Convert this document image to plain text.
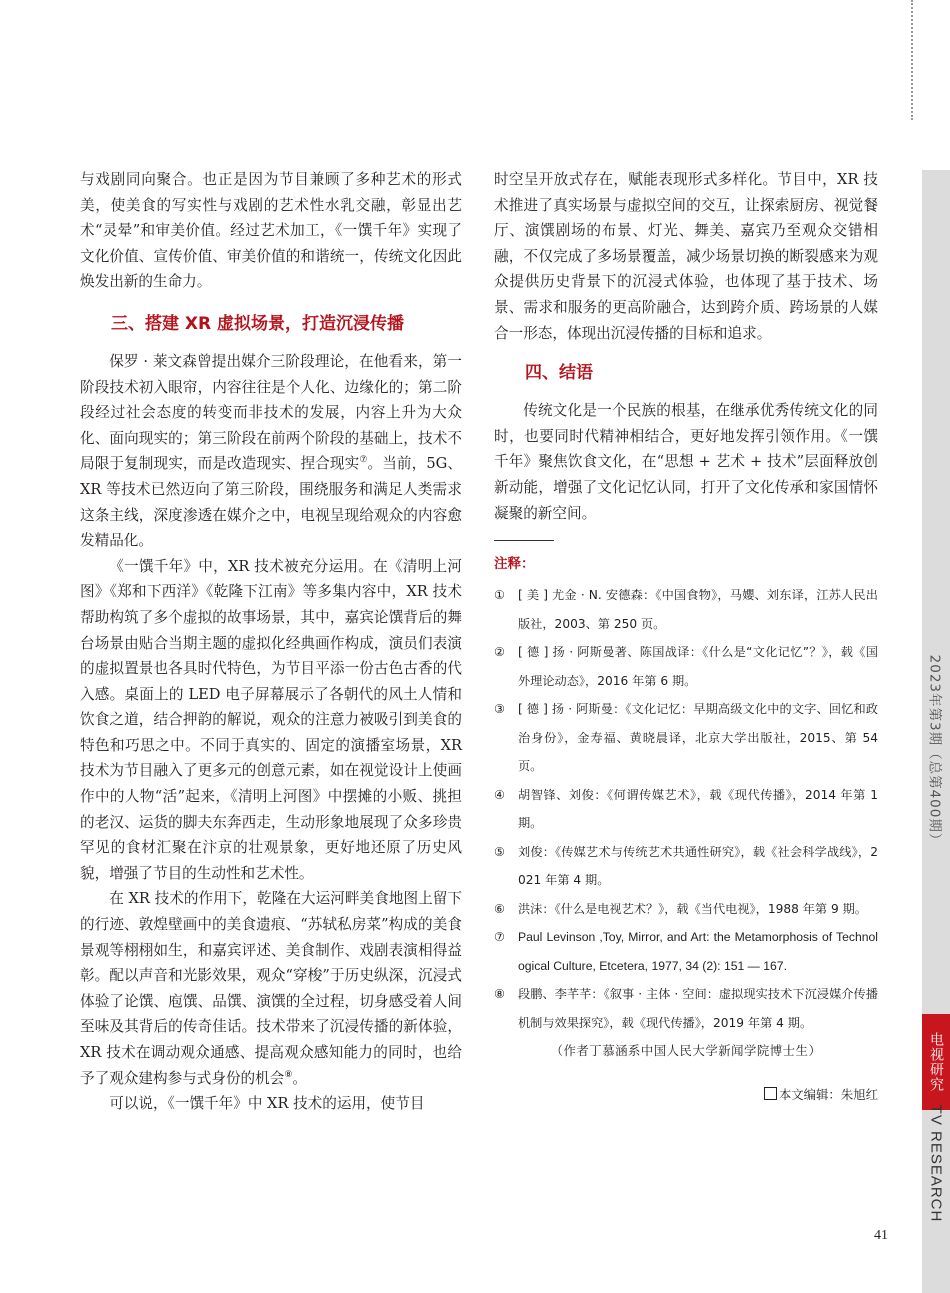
2023年第3期（总第400期）
电视研究
TV RESEARCH

与戏剧同向聚合。也正是因为节目兼顾了多种艺术的形式美，使美食的写实性与戏剧的艺术性水乳交融，彰显出艺术“灵晕”和审美价值。经过艺术加工，《一馔千年》实现了文化价值、宣传价值、审美价值的和谐统一，传统文化因此焕发出新的生命力。

三、搭建 XR 虚拟场景，打造沉浸传播

保罗 · 莱文森曾提出媒介三阶段理论，在他看来，第一阶段技术初入眼帘，内容往往是个人化、边缘化的；第二阶段经过社会态度的转变而非技术的发展，内容上升为大众化、面向现实的；第三阶段在前两个阶段的基础上，技术不局限于复制现实，而是改造现实、捏合现实⑦。当前，5G、XR 等技术已然迈向了第三阶段，围绕服务和满足人类需求这条主线，深度渗透在媒介之中，电视呈现给观众的内容愈发精品化。

《一馔千年》中，XR 技术被充分运用。在《清明上河图》《郑和下西洋》《乾隆下江南》等多集内容中，XR 技术帮助构筑了多个虚拟的故事场景，其中，嘉宾论馔背后的舞台场景由贴合当期主题的虚拟化经典画作构成，演员们表演的虚拟置景也各具时代特色，为节目平添一份古色古香的代入感。桌面上的 LED 电子屏幕展示了各朝代的风土人情和饮食之道，结合押韵的解说，观众的注意力被吸引到美食的特色和巧思之中。不同于真实的、固定的演播室场景，XR 技术为节目融入了更多元的创意元素，如在视觉设计上使画作中的人物“活”起来，《清明上河图》中摆摊的小贩、挑担的老汉、运货的脚夫东奔西走，生动形象地展现了众多珍贵罕见的食材汇聚在汴京的壮观景象，更好地还原了历史风貌，增强了节目的生动性和艺术性。

在 XR 技术的作用下，乾隆在大运河畔美食地图上留下的行迹、敦煌壁画中的美食遗痕、“苏轼私房菜”构成的美食景观等栩栩如生，和嘉宾评述、美食制作、戏剧表演相得益彰。配以声音和光影效果，观众“穿梭”于历史纵深，沉浸式体验了论馔、庖馔、品馔、演馔的全过程，切身感受着人间至味及其背后的传奇佳话。技术带来了沉浸传播的新体验，XR 技术在调动观众通感、提高观众感知能力的同时，也给予了观众建构参与式身份的机会⑧。

可以说，《一馔千年》中 XR 技术的运用，使节目

时空呈开放式存在，赋能表现形式多样化。节目中，XR 技术推进了真实场景与虚拟空间的交互，让探索厨房、视觉餐厅、演馔剧场的布景、灯光、舞美、嘉宾乃至观众交错相融，不仅完成了多场景覆盖，减少场景切换的断裂感来为观众提供历史背景下的沉浸式体验，也体现了基于技术、场景、需求和服务的更高阶融合，达到跨介质、跨场景的人媒合一形态，体现出沉浸传播的目标和追求。

四、结语

传统文化是一个民族的根基，在继承优秀传统文化的同时，也要同时代精神相结合，更好地发挥引领作用。《一馔千年》聚焦饮食文化，在“思想 + 艺术 + 技术”层面释放创新动能，增强了文化记忆认同，打开了文化传承和家国情怀凝聚的新空间。

注释：

①	[ 美 ] 尤金 · N. 安德森：《中国食物》，马孆、刘东译，江苏人民出版社，2003、第 250 页。

②	[ 德 ] 扬 · 阿斯曼著、陈国战译：《什么是“文化记忆”？》，载《国外理论动态》，2016 年第 6 期。

③	[ 德 ] 扬 · 阿斯曼：《文化记忆：早期高级文化中的文字、回忆和政治身份》，金寿福、黄晓晨译，北京大学出版社，2015、第 54 页。

④	胡智锋、刘俊：《何谓传媒艺术》，载《现代传播》，2014 年第 1 期。

⑤	刘俊：《传媒艺术与传统艺术共通性研究》，载《社会科学战线》，2021 年第 4 期。

⑥	洪沫：《什么是电视艺术？》，载《当代电视》，1988 年第 9 期。

⑦	Paul Levinson ,Toy, Mirror, and Art: the Metamorphosis of Technological Culture, Etcetera, 1977, 34 (2): 151 — 167.

⑧	段鹏、李芊芊：《叙事 · 主体 · 空间：虚拟现实技术下沉浸媒介传播机制与效果探究》，载《现代传播》，2019 年第 4 期。

（作者丁慕涵系中国人民大学新闻学院博士生）

本文编辑：朱旭红

41
